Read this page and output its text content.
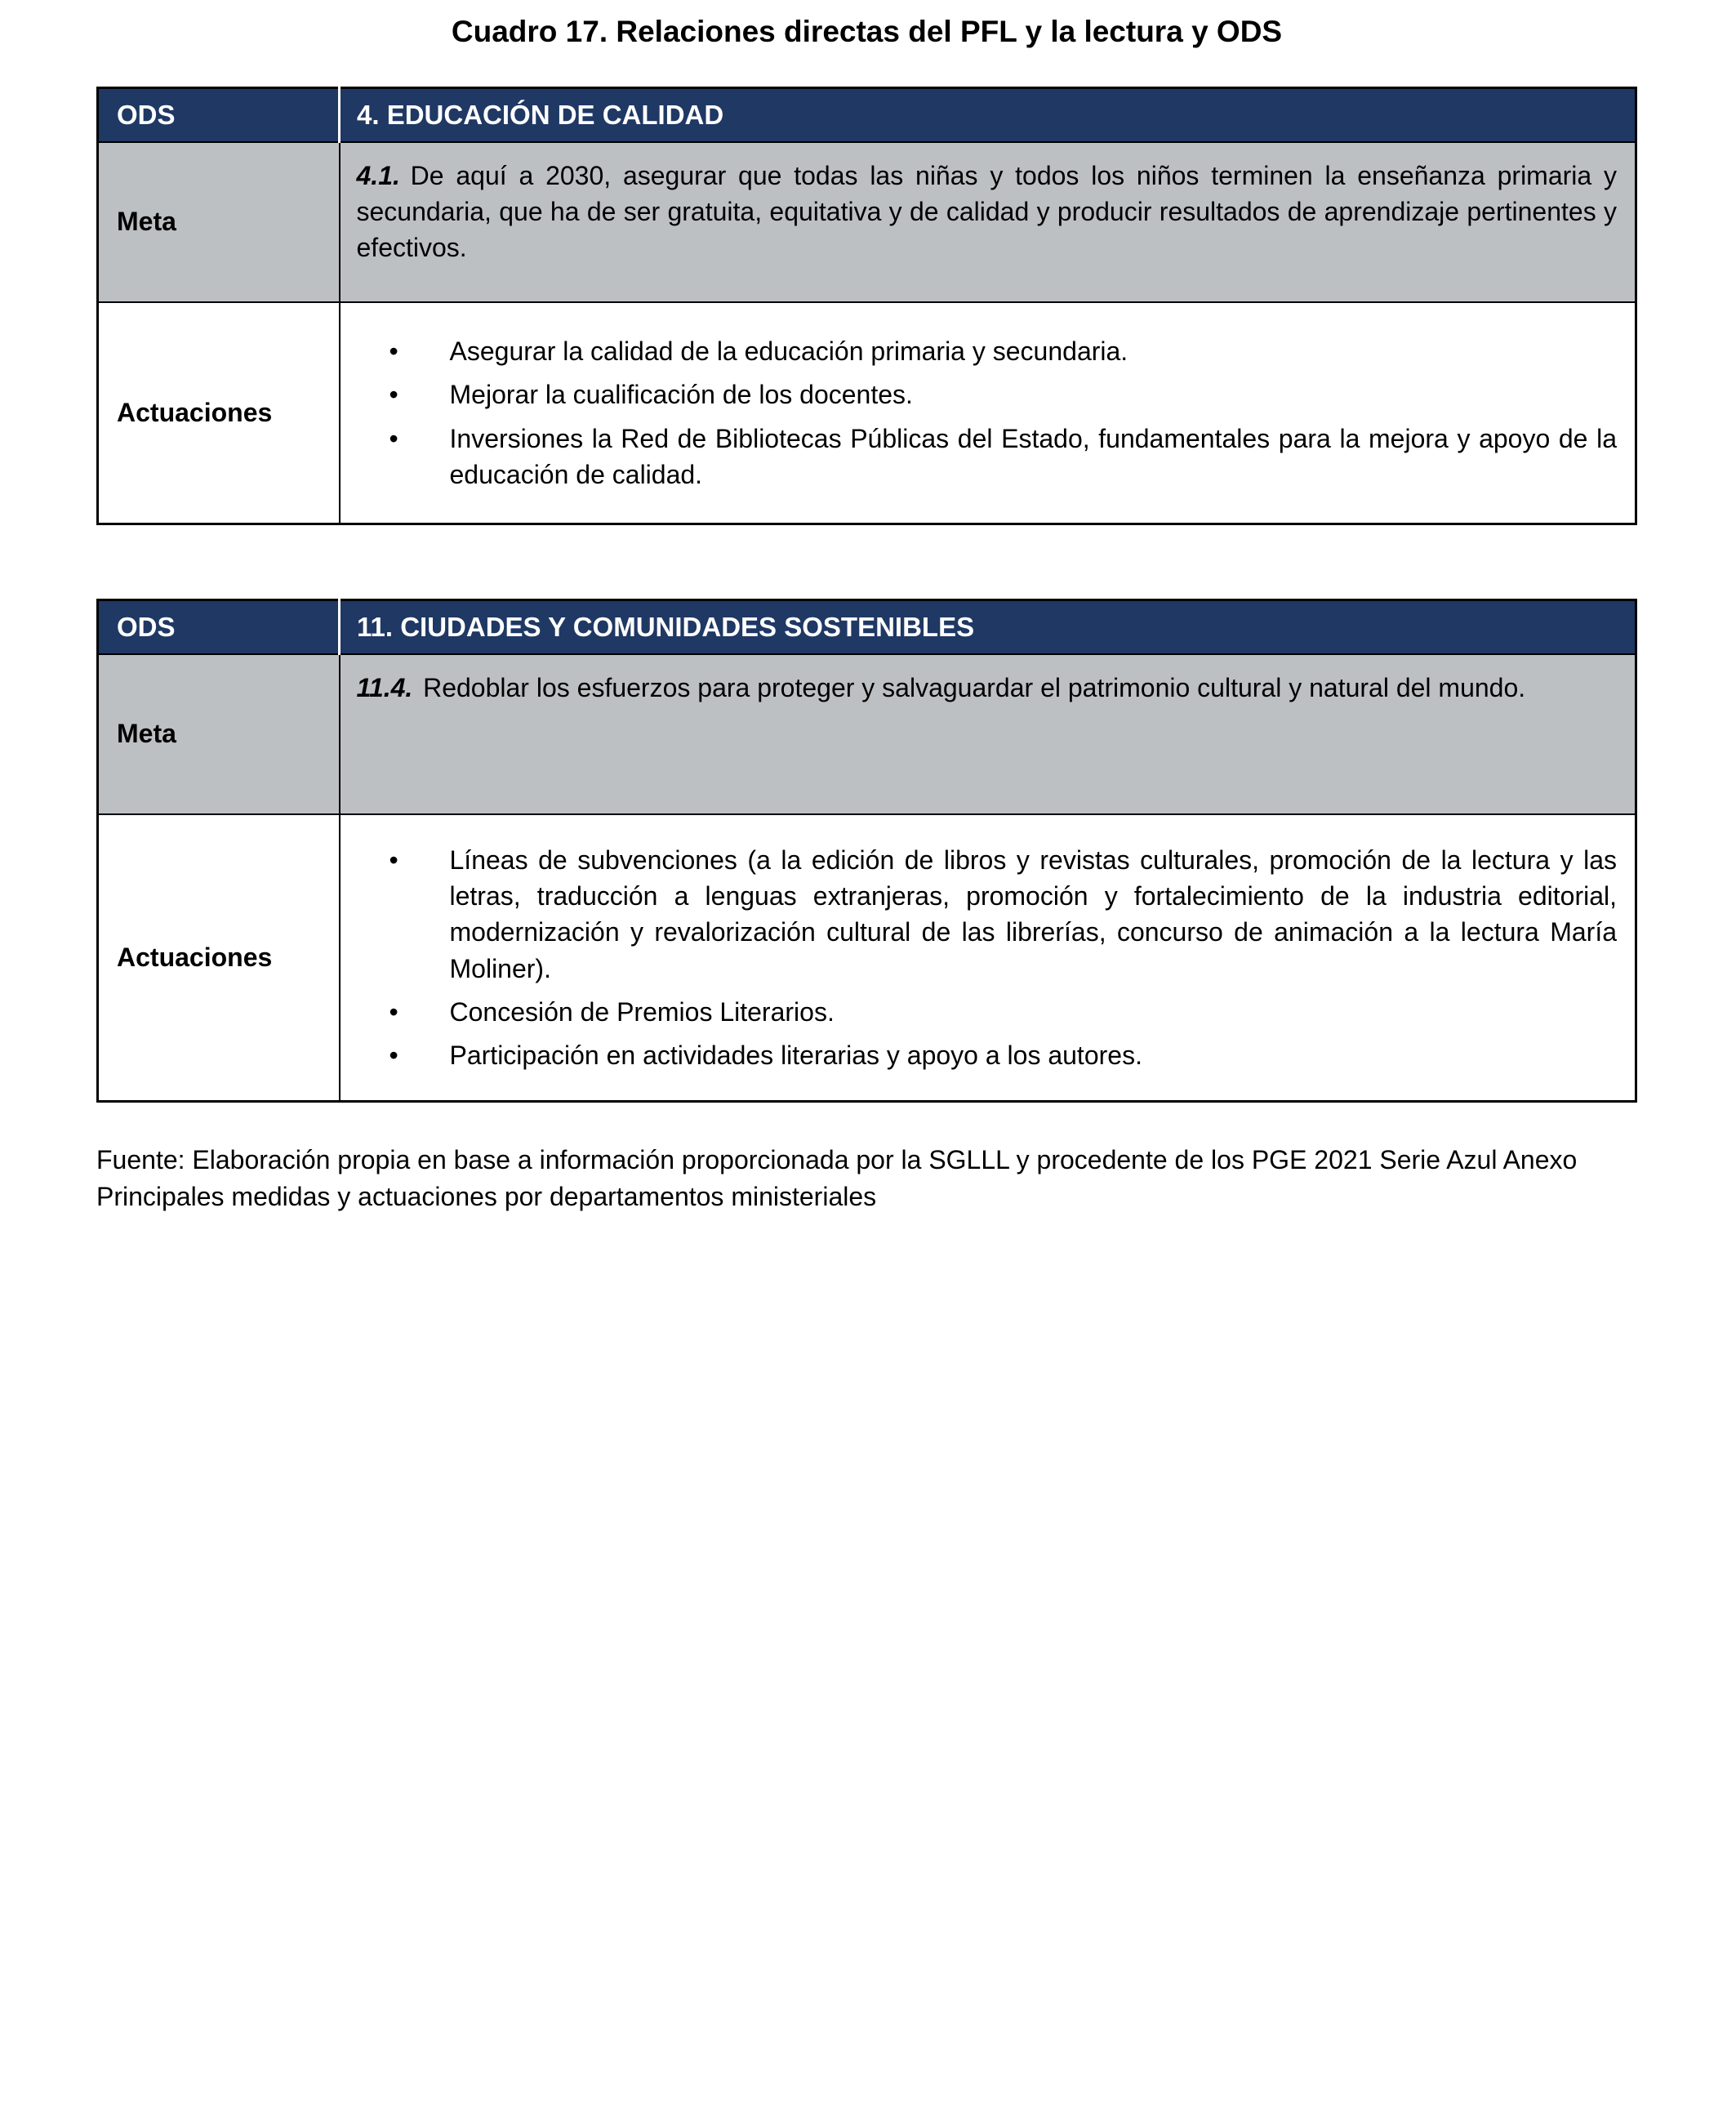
Cuadro 17. Relaciones directas del PFL y la lectura y ODS
ODS	4. EDUCACIÓN DE CALIDAD
Meta	4.1. De aquí a 2030, asegurar que todas las niñas y todos los niños terminen la enseñanza primaria y secundaria, que ha de ser gratuita, equitativa y de calidad y producir resultados de aprendizaje pertinentes y efectivos.

Actuaciones	
•	Asegurar la calidad de la educación primaria y secundaria.
•	Mejorar la cualificación de los docentes.
•	Inversiones la Red de Bibliotecas Públicas del Estado, fundamentales para la mejora y apoyo de la educación de calidad.
ODS	11. CIUDADES Y COMUNIDADES SOSTENIBLES
Meta	11.4. Redoblar los esfuerzos para proteger y salvaguardar el patrimonio cultural y natural del mundo.

Actuaciones	
•	Líneas de subvenciones (a la edición de libros y revistas culturales, promoción de la lectura y las letras, traducción a lenguas extranjeras, promoción y fortalecimiento de la industria editorial, modernización y revalorización cultural de las librerías, concurso de animación a la lectura María Moliner).
•	Concesión de Premios Literarios.
•	Participación en actividades literarias y apoyo a los autores.

Fuente: Elaboración propia en base a información proporcionada por la SGLLL y procedente de los PGE 2021 Serie Azul Anexo Principales medidas y actuaciones por departamentos ministeriales
